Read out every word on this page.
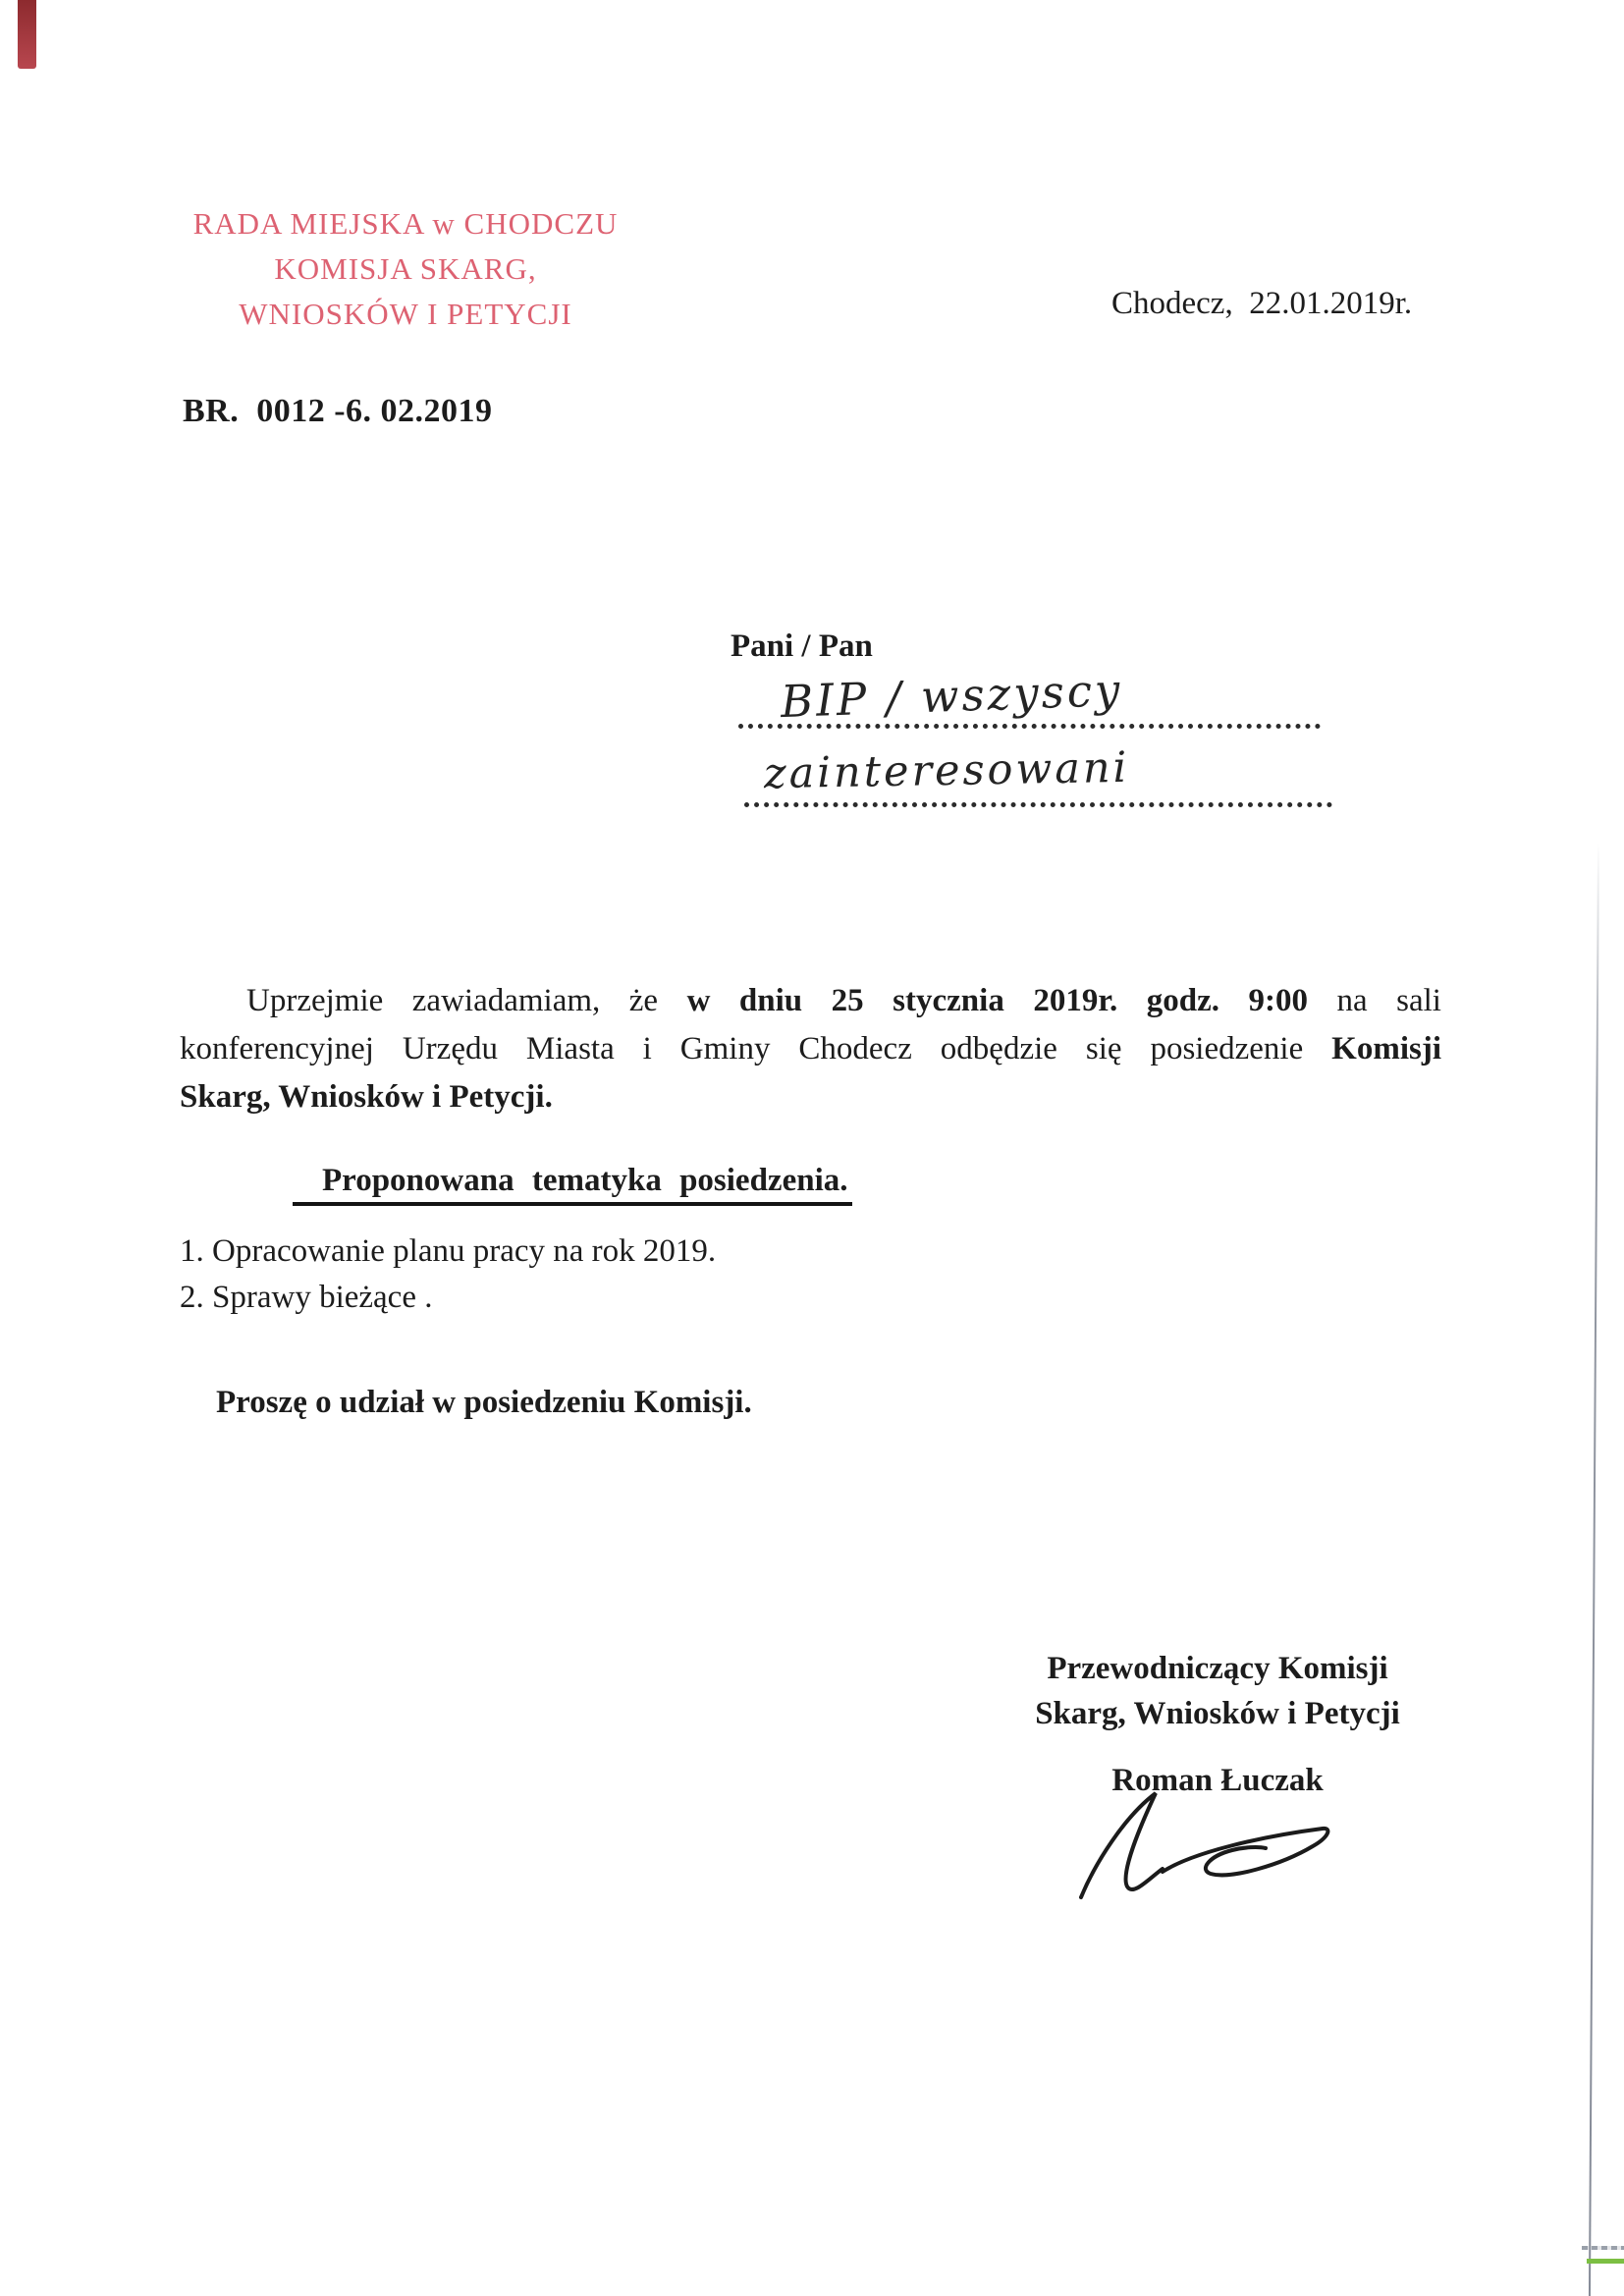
RADA MIEJSKA w CHODCZU
KOMISJA SKARG,
WNIOSKÓW I PETYCJI	Chodecz,  22.01.2019r.
BR.  0012 -6. 02.2019
Pani / Pan
BIP / wszyscy
zainteresowani
Uprzejmie zawiadamiam, że w dniu 25 stycznia 2019r. godz. 9:00 na sali
konferencyjnej Urzędu Miasta i Gminy Chodecz odbędzie się posiedzenie Komisji
Skarg, Wniosków i Petycji.
Proponowana tematyka posiedzenia.
1. Opracowanie planu pracy na rok 2019.
2. Sprawy bieżące .
Proszę o udział w posiedzeniu Komisji.
Przewodniczący Komisji
Skarg, Wniosków i Petycji
Roman Łuczak
